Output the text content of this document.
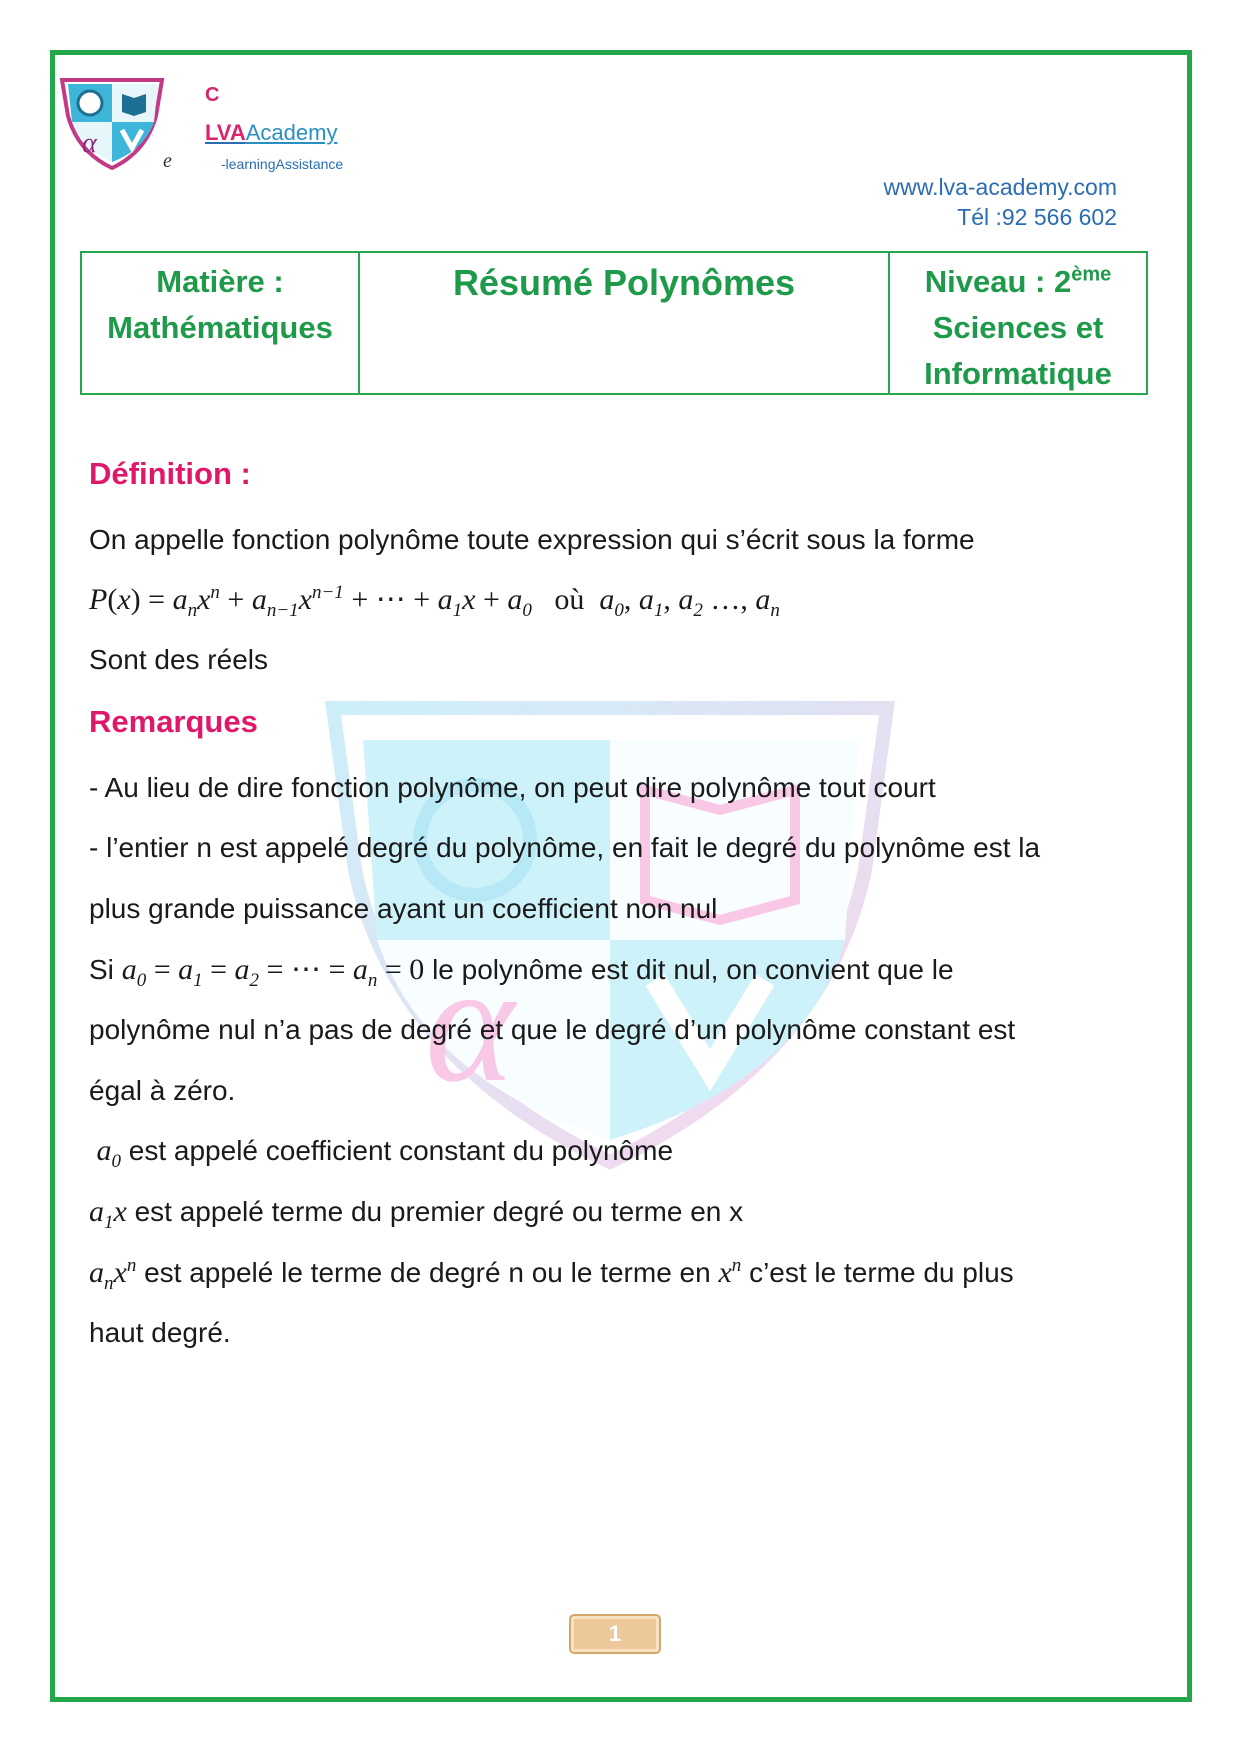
α
C
LVAAcademy
e	-learningAssistance
www.lva-academy.com
Tél :92 566 602
Matière :
Mathématiques
Résumé Polynômes	Niveau : 2ème
Sciences et
Informatique
α
Définition :
On appelle fonction polynôme toute expression qui s’écrit sous la forme
$P(x) = a_nx^n + a_{n-1}x^{n-1}$ + ⋯ + $a_1x + a_0$   où  $a_0$, $a_1$, $a_2$ …, $a_n$
Sont des réels
Remarques
- Au lieu de dire fonction polynôme, on peut dire polynôme tout court
- l’entier n est appelé degré du polynôme, en fait le degré du polynôme est la
plus grande puissance ayant un coefficient non nul
Si $a_0 = a_1 = a_2$ = ⋯ = $a_n = 0$ le polynôme est dit nul, on convient que le
polynôme nul n’a pas de degré et que le degré d’un polynôme constant est
égal à zéro.
$a_0$ est appelé coefficient constant du polynôme
$a_1x$ est appelé terme du premier degré ou terme en x
$a_nx^n$ est appelé le terme de degré n ou le terme en $x^n$ c’est le terme du plus
haut degré.
1
